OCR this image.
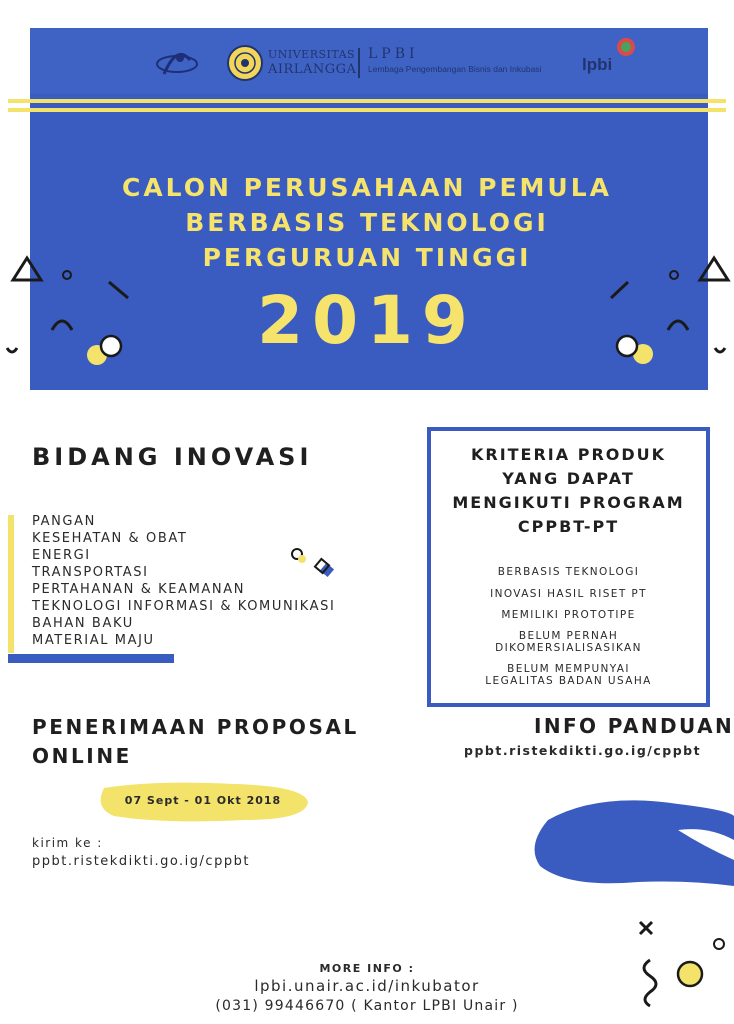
UNIVERSITAS
AIRLANGGA
LPBI
Lembaga Pengembangan Bisnis dan Inkubasi lpbi
CALON PERUSAHAAN PEMULA
BERBASIS TEKNOLOGI
PERGURUAN TINGGI
2019
BIDANG INOVASI
PANGAN
KESEHATAN & OBAT
ENERGI
TRANSPORTASI
PERTAHANAN & KEAMANAN
TEKNOLOGI INFORMASI & KOMUNIKASI
BAHAN BAKU
MATERIAL MAJU
KRITERIA PRODUK
YANG DAPAT
MENGIKUTI PROGRAM
CPPBT-PT
BERBASIS TEKNOLOGI
INOVASI HASIL RISET PT
MEMILIKI PROTOTIPE
BELUM PERNAH
DIKOMERSIALISASIKAN
BELUM MEMPUNYAI
LEGALITAS BADAN USAHA
PENERIMAAN PROPOSAL
ONLINE
07 Sept - 01 Okt 2018
kirim ke :
ppbt.ristekdikti.go.ig/cppbt
INFO PANDUAN
ppbt.ristekdikti.go.ig/cppbt
MORE INFO :
lpbi.unair.ac.id/inkubator
(031) 99446670 ( Kantor LPBI Unair )
